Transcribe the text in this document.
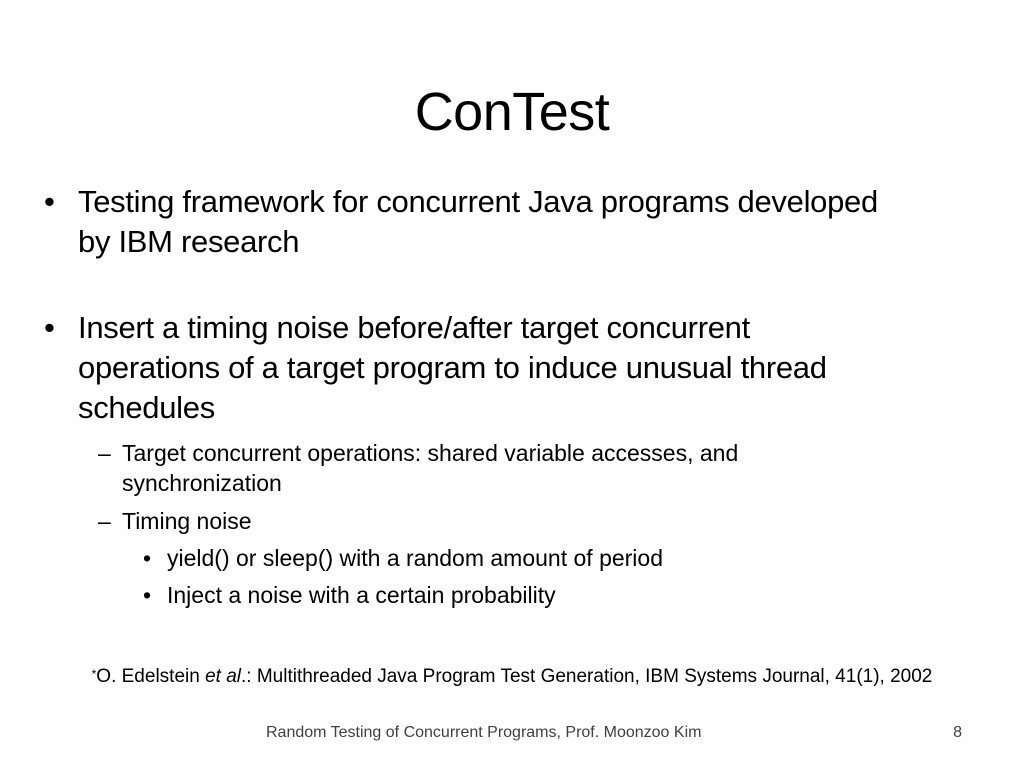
ConTest
• Testing framework for concurrent Java programs developed
by IBM research
• Insert a timing noise before/after target concurrent
operations of a target program to induce unusual thread
schedules
– Target concurrent operations: shared variable accesses, and synchronization
– Timing noise
• yield() or sleep() with a random amount of period
• Inject a noise with a certain probability
*O. Edelstein et al.: Multithreaded Java Program Test Generation, IBM Systems Journal, 41(1), 2002
Random Testing of Concurrent Programs, Prof. Moonzoo Kim	8
